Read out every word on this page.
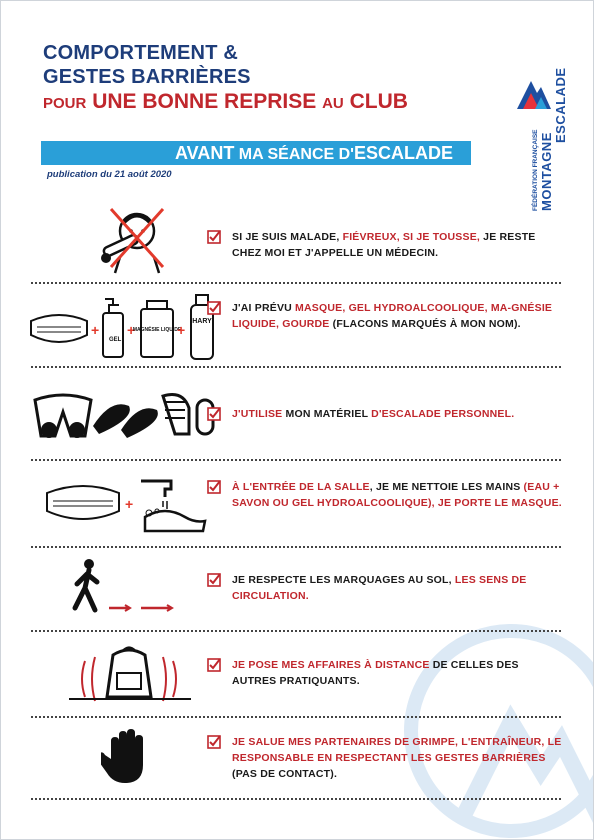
COMPORTEMENT &
GESTES BARRIÈRES
POUR UNE BONNE REPRISE AU CLUB
AVANT MA SÉANCE D'ESCALADE
publication du 21 août 2020	FÉDÉRATION FRANÇAISE MONTAGNE
ESCALADE
SI JE SUIS MALADE, FIÉVREUX, SI JE TOUSSE, JE RESTE CHEZ MOI ET J'APPELLE UN MÉDECIN.
+
GEL
+
MAGNÉSIE LIQUIDE
+
HARY
J'AI PRÉVU MASQUE, GEL HYDROALCOOLIQUE, MA-GNÉSIE LIQUIDE, GOURDE (FLACONS MARQUÉS À MON NOM).
J'UTILISE MON MATÉRIEL D'ESCALADE PERSONNEL.
+
À L'ENTRÉE DE LA SALLE, JE ME NETTOIE LES MAINS (EAU + SAVON OU GEL HYDROALCOOLIQUE), JE PORTE LE MASQUE.
JE RESPECTE LES MARQUAGES AU SOL, LES SENS DE CIRCULATION.
JE POSE MES AFFAIRES À DISTANCE DE CELLES DES AUTRES PRATIQUANTS.
JE SALUE MES PARTENAIRES DE GRIMPE, L'ENTRAÎNEUR, LE RESPONSABLE EN RESPECTANT LES GESTES BARRIÈRES (PAS DE CONTACT).
